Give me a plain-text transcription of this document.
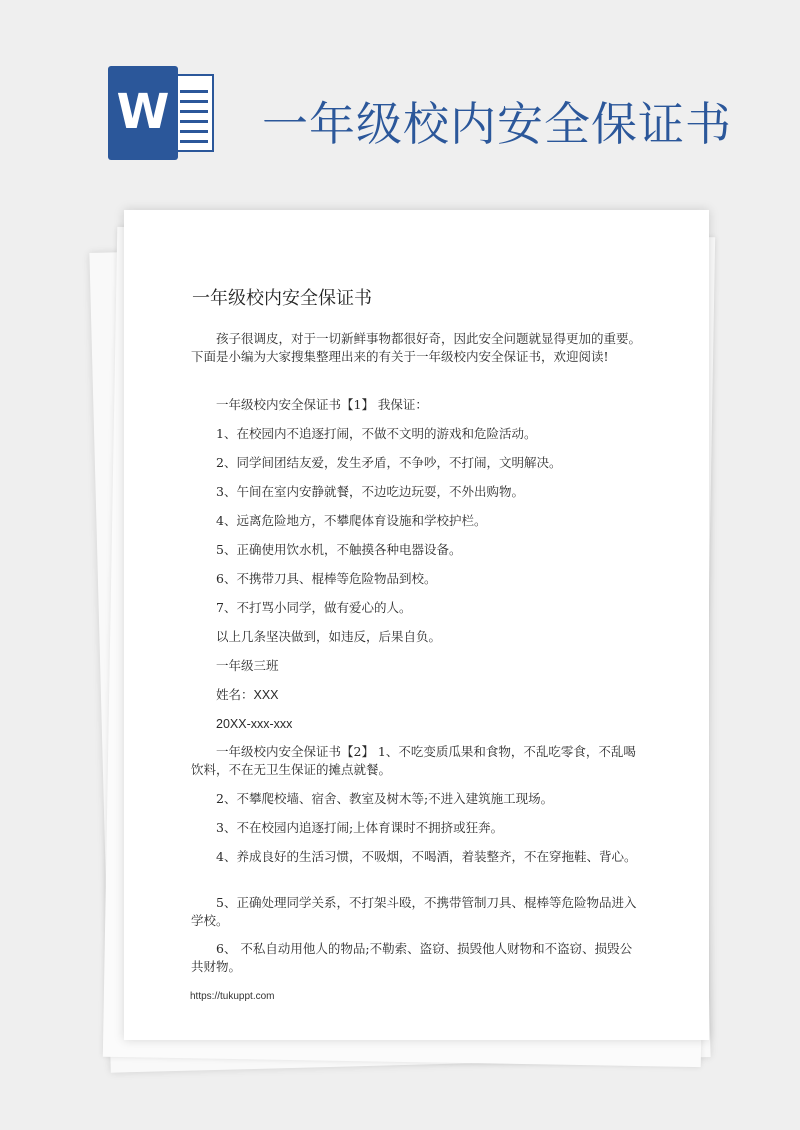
W 一年级校内安全保证书
一年级校内安全保证书
孩子很调皮，对于一切新鲜事物都很好奇，因此安全问题就显得更加的重要。下面是小编为大家搜集整理出来的有关于一年级校内安全保证书，欢迎阅读!
一年级校内安全保证书【1】 我保证：
1、在校园内不追逐打闹，不做不文明的游戏和危险活动。
2、同学间团结友爱，发生矛盾，不争吵，不打闹，文明解决。
3、午间在室内安静就餐，不边吃边玩耍，不外出购物。
4、远离危险地方，不攀爬体育设施和学校护栏。
5、正确使用饮水机，不触摸各种电器设备。
6、不携带刀具、棍棒等危险物品到校。
7、不打骂小同学，做有爱心的人。
以上几条坚决做到，如违反，后果自负。
一年级三班
姓名：XXX
20XX-xxx-xxx
一年级校内安全保证书【2】 1、不吃变质瓜果和食物，不乱吃零食，不乱喝饮料，不在无卫生保证的摊点就餐。
2、不攀爬校墙、宿舍、教室及树木等;不进入建筑施工现场。
3、不在校园内追逐打闹;上体育课时不拥挤或狂奔。
4、养成良好的生活习惯，不吸烟，不喝酒，着装整齐，不在穿拖鞋、背心。
5、正确处理同学关系，不打架斗殴，不携带管制刀具、棍棒等危险物品进入学校。
6、 不私自动用他人的物品;不勒索、盗窃、损毁他人财物和不盗窃、损毁公共财物。
https://tukuppt.com
